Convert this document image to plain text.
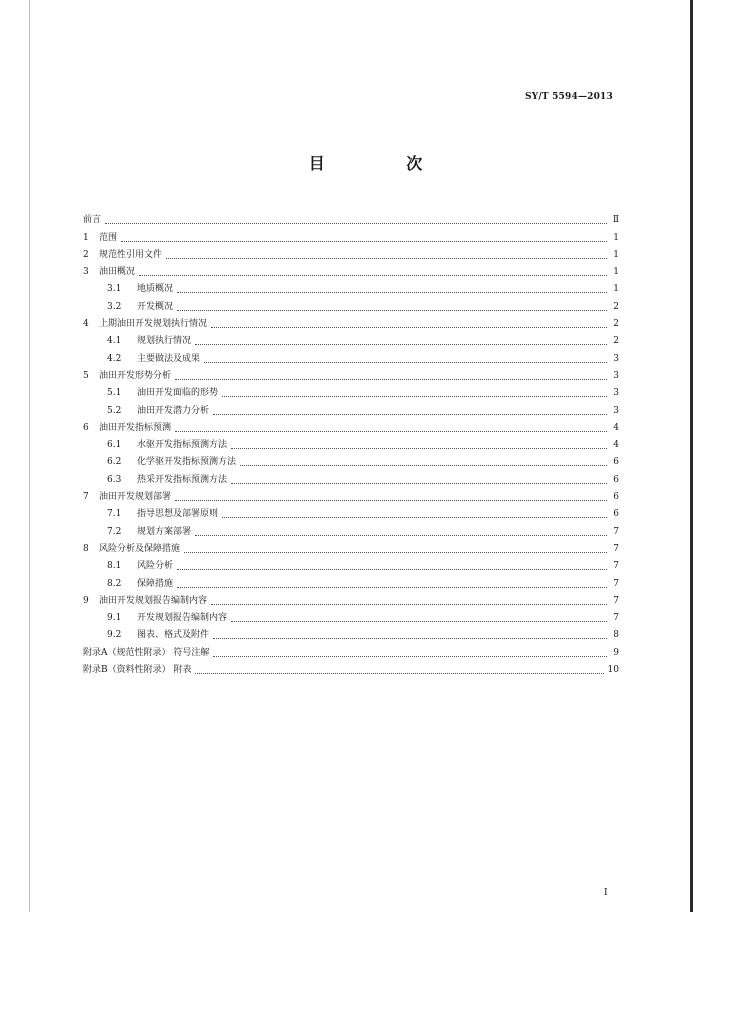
SY/T 5594—2013
目 次
前言	Ⅱ
1	范围	1
2	规范性引用文件	1
3	油田概况	1
3.1	地质概况	1
3.2	开发概况	2
4	上期油田开发规划执行情况	2
4.1	规划执行情况	2
4.2	主要做法及成果	3
5	油田开发形势分析	3
5.1	油田开发面临的形势	3
5.2	油田开发潜力分析	3
6	油田开发指标预测	4
6.1	水驱开发指标预测方法	4
6.2	化学驱开发指标预测方法	6
6.3	热采开发指标预测方法	6
7	油田开发规划部署	6
7.1	指导思想及部署原则	6
7.2	规划方案部署	7
8	风险分析及保障措施	7
8.1	风险分析	7
8.2	保障措施	7
9	油田开发规划报告编制内容	7
9.1	开发规划报告编制内容	7
9.2	图表、格式及附件	8
附录A（规范性附录） 符号注解	9
附录B（资料性附录） 附表	10
I
